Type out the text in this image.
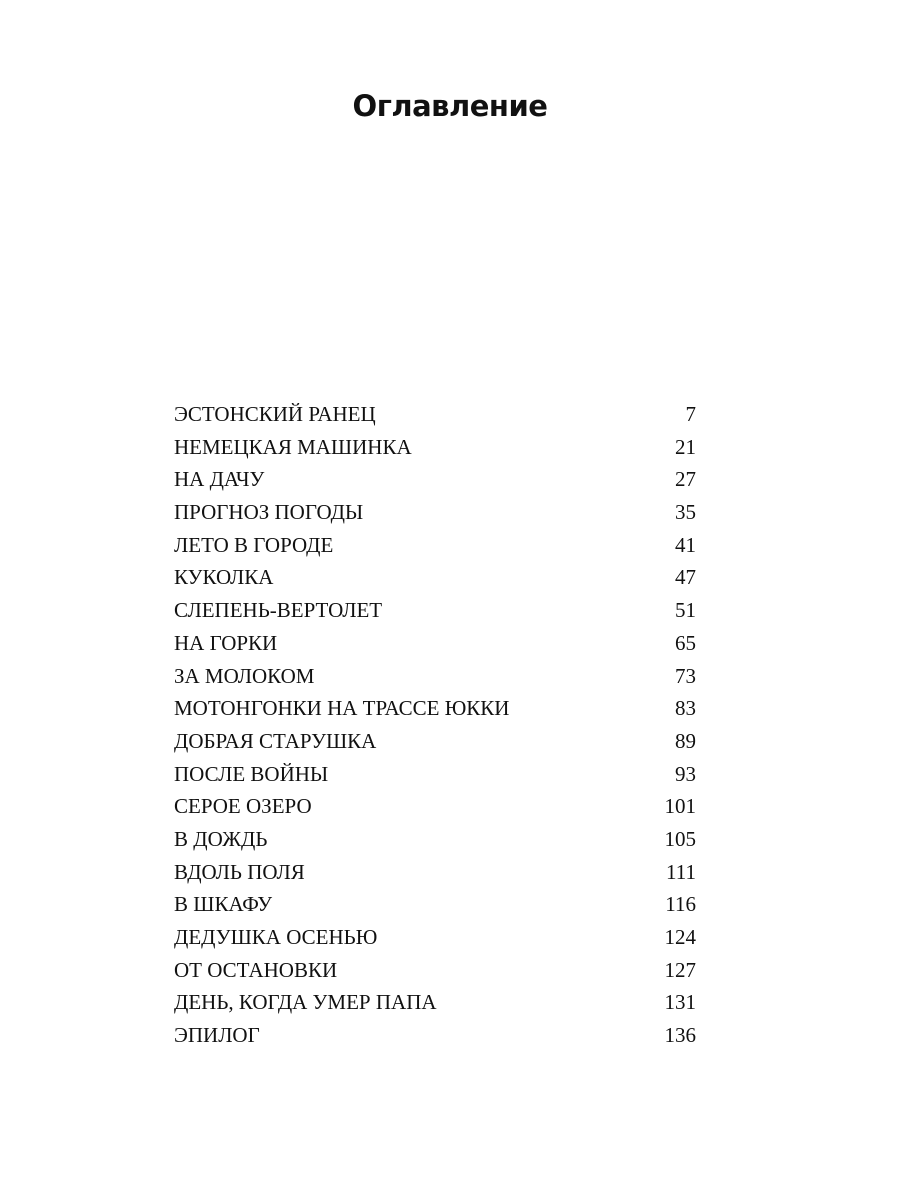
Оглавление
ЭСТОНСКИЙ РАНЕЦ	7
НЕМЕЦКАЯ МАШИНКА	21
НА ДАЧУ	27
ПРОГНОЗ ПОГОДЫ	35
ЛЕТО В ГОРОДЕ	41
КУКОЛКА	47
СЛЕПЕНЬ-ВЕРТОЛЕТ	51
НА ГОРКИ	65
ЗА МОЛОКОМ	73
МОТОНГОНКИ НА ТРАССЕ ЮККИ	83
ДОБРАЯ СТАРУШКА	89
ПОСЛЕ ВОЙНЫ	93
СЕРОЕ ОЗЕРО	101
В ДОЖДЬ	105
ВДОЛЬ ПОЛЯ	111
В ШКАФУ	116
ДЕДУШКА ОСЕНЬЮ	124
ОТ ОСТАНОВКИ	127
ДЕНЬ, КОГДА УМЕР ПАПА	131
ЭПИЛОГ	136
